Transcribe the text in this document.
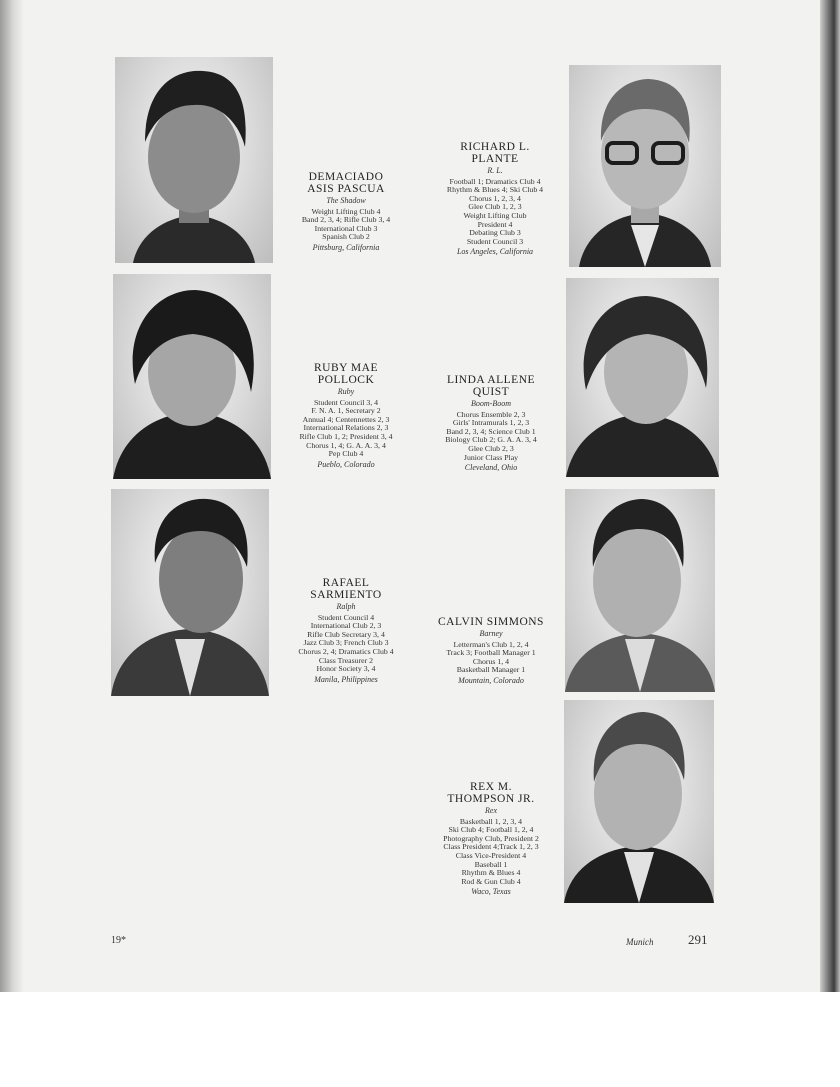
DEMACIADO
ASIS PASCUA
The Shadow
Weight Lifting Club 4
Band 2, 3, 4; Rifle Club 3, 4
International Club 3
Spanish Club 2
Pittsburg, California
RICHARD L.
PLANTE
R. L.
Football 1; Dramatics Club 4
Rhythm & Blues 4; Ski Club 4
Chorus 1, 2, 3, 4
Glee Club 1, 2, 3
Weight Lifting Club
President 4
Debating Club 3
Student Council 3
Los Angeles, California
RUBY MAE
POLLOCK
Ruby
Student Council 3, 4
F. N. A. 1, Secretary 2
Annual 4; Centennettes 2, 3
International Relations 2, 3
Rifle Club 1, 2; President 3, 4
Chorus 1, 4; G. A. A. 3, 4
Pep Club 4
Pueblo, Colorado
LINDA ALLENE
QUIST
Boom-Boom
Chorus Ensemble 2, 3
Girls' Intramurals 1, 2, 3
Band 2, 3, 4; Science Club 1
Biology Club 2; G. A. A. 3, 4
Glee Club 2, 3
Junior Class Play
Cleveland, Ohio
RAFAEL
SARMIENTO
Ralph
Student Council 4
International Club 2, 3
Rifle Club Secretary 3, 4
Jazz Club 3; French Club 3
Chorus 2, 4; Dramatics Club 4
Class Treasurer 2
Honor Society 3, 4
Manila, Philippines
CALVIN SIMMONS
Barney
Letterman's Club 1, 2, 4
Track 3; Football Manager 1
Chorus 1, 4
Basketball Manager 1
Mountain, Colorado
REX M.
THOMPSON JR.
Rex
Basketball 1, 2, 3, 4
Ski Club 4; Football 1, 2, 4
Photography Club, President 2
Class President 4;Track 1, 2, 3
Class Vice-President 4
Baseball 1
Rhythm & Blues 4
Rod & Gun Club 4
Waco, Texas
19*	Munich	291
